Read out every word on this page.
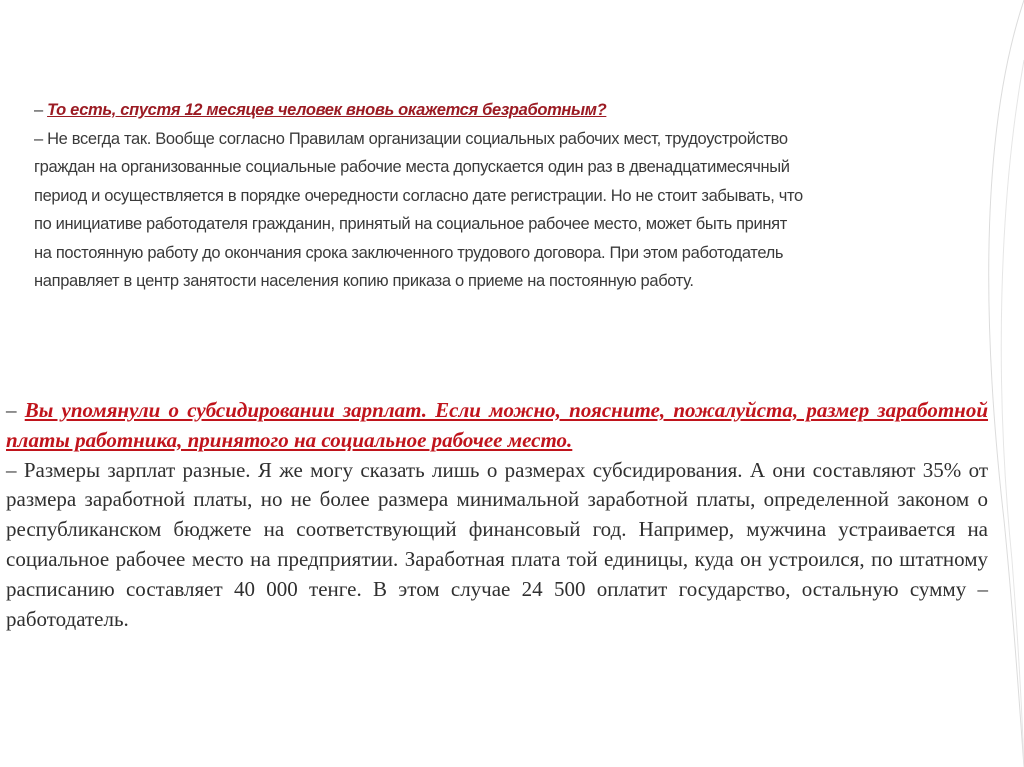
– То есть, спустя 12 месяцев человек вновь окажется безработным?

– Не всегда так. Вообще согласно Правилам организации социальных рабочих мест, трудоустройство

граждан на организованные социальные рабочие места допускается один раз в двенадцатимесячный

период и осуществляется в порядке очередности согласно дате регистрации. Но не стоит забывать, что

по инициативе работодателя гражданин, принятый на социальное рабочее место, может быть принят

на постоянную работу до окончания срока заключенного трудового договора. При этом работодатель

направляет в центр занятости населения копию приказа о приеме на постоянную работу.

– Вы упомянули о субсидировании зарплат. Если можно, поясните, пожалуйста, размер заработной платы работника, принятого на социальное рабочее место.

– Размеры зарплат разные. Я же могу сказать лишь о размерах субсидирования. А они составляют 35% от размера заработной платы, но не более размера минимальной заработной платы, определенной законом о республиканском бюджете на соответствующий финансовый год. Например, мужчина устраивается на социальное рабочее место на предприятии. Заработная плата той единицы, куда он устроился, по штатному расписанию составляет 40 000 тенге. В этом случае 24 500 оплатит государство, остальную сумму – работодатель.
